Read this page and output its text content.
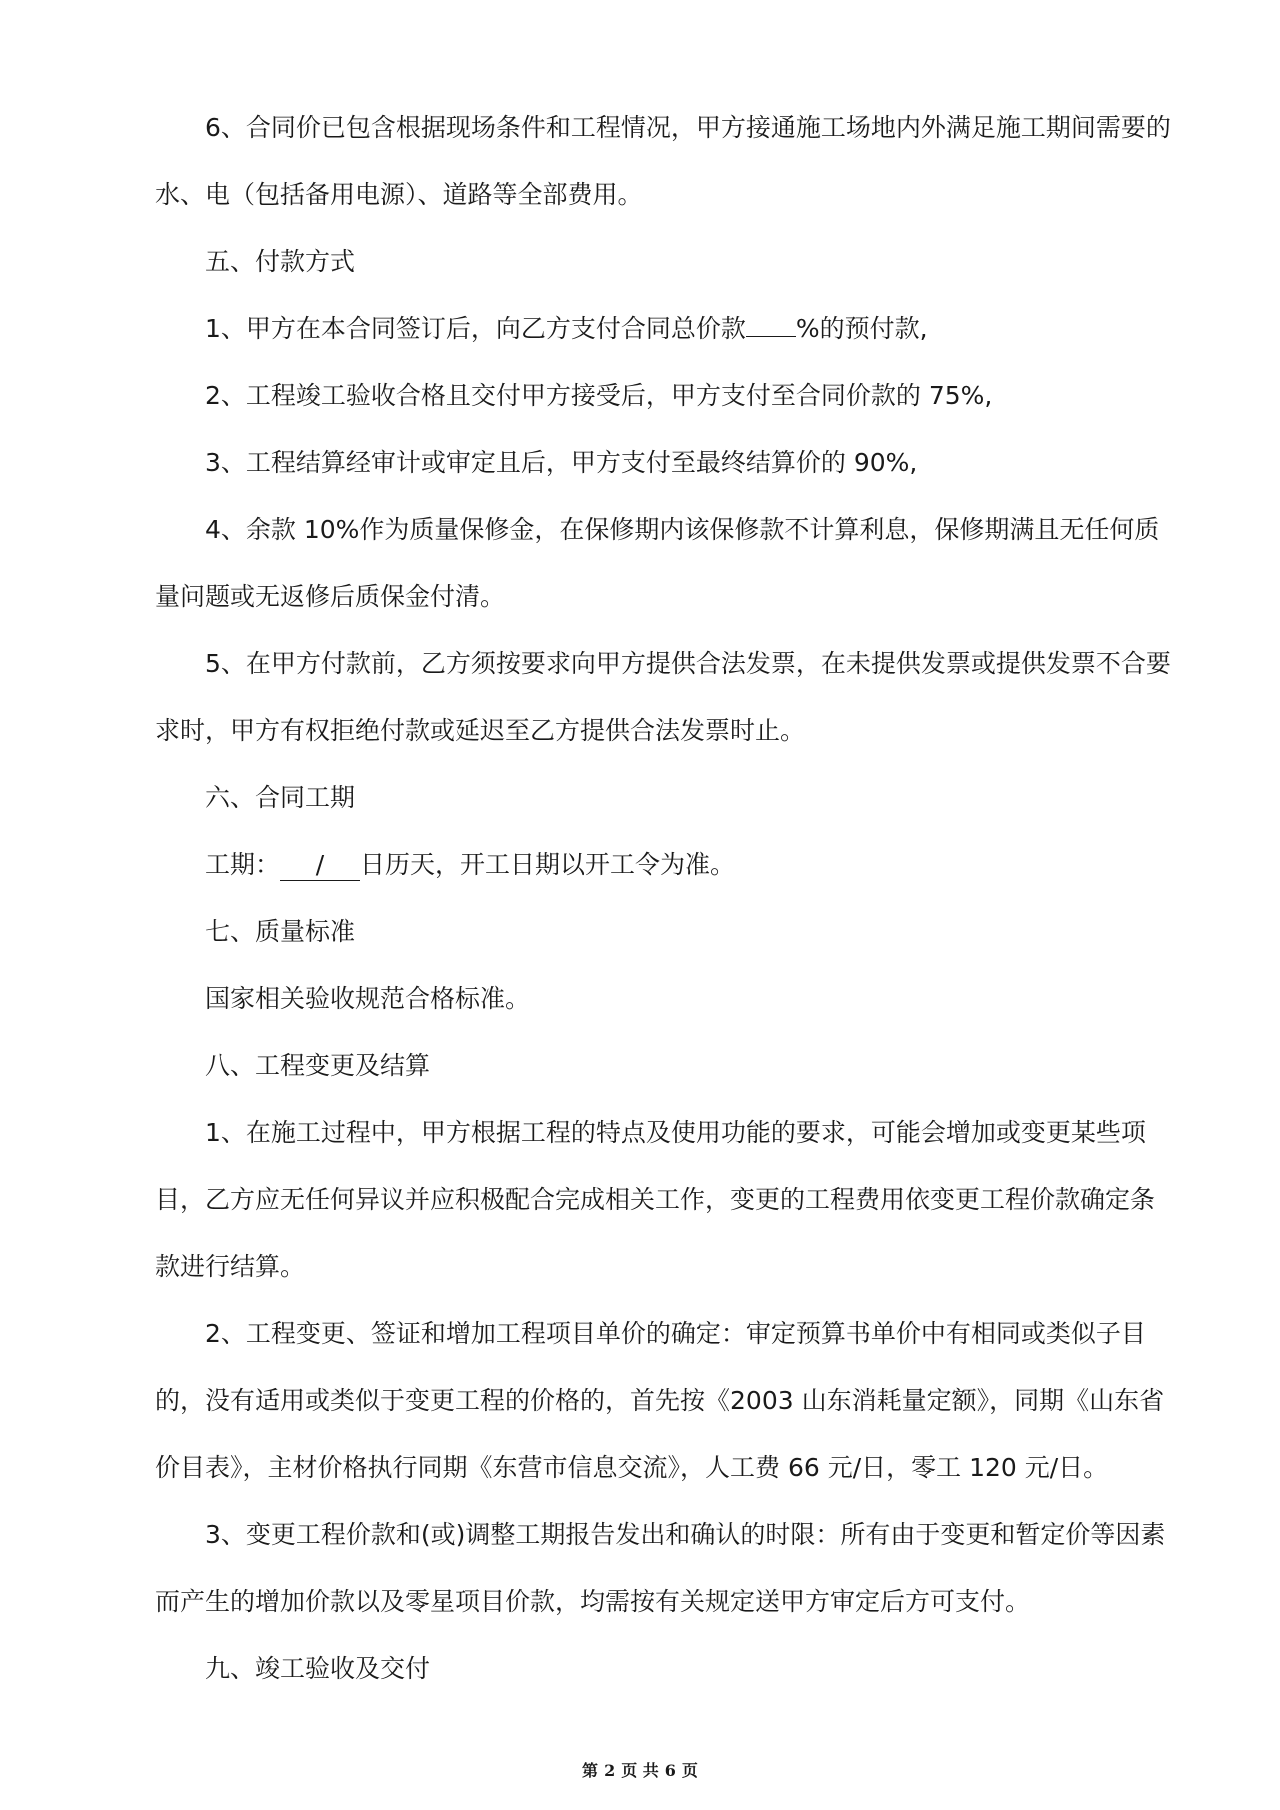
6、合同价已包含根据现场条件和工程情况，甲方接通施工场地内外满足施工期间需要的水、电（包括备用电源）、道路等全部费用。

五、付款方式

1、甲方在本合同签订后，向乙方支付合同总价款 %的预付款,

2、工程竣工验收合格且交付甲方接受后，甲方支付至合同价款的 75%,

3、工程结算经审计或审定且后，甲方支付至最终结算价的 90%,

4、余款 10%作为质量保修金，在保修期内该保修款不计算利息，保修期满且无任何质量问题或无返修后质保金付清。

5、在甲方付款前，乙方须按要求向甲方提供合法发票，在未提供发票或提供发票不合要求时，甲方有权拒绝付款或延迟至乙方提供合法发票时止。

六、合同工期

工期： / 日历天，开工日期以开工令为准。

七、质量标准

国家相关验收规范合格标准。

八、工程变更及结算

1、在施工过程中，甲方根据工程的特点及使用功能的要求，可能会增加或变更某些项目，乙方应无任何异议并应积极配合完成相关工作，变更的工程费用依变更工程价款确定条款进行结算。

2、工程变更、签证和增加工程项目单价的确定：审定预算书单价中有相同或类似子目的，没有适用或类似于变更工程的价格的，首先按《2003 山东消耗量定额》，同期《山东省价目表》，主材价格执行同期《东营市信息交流》，人工费 66 元/日，零工 120 元/日。

3、变更工程价款和(或)调整工期报告发出和确认的时限：所有由于变更和暂定价等因素而产生的增加价款以及零星项目价款，均需按有关规定送甲方审定后方可支付。

九、竣工验收及交付

第 2 页 共 6 页
